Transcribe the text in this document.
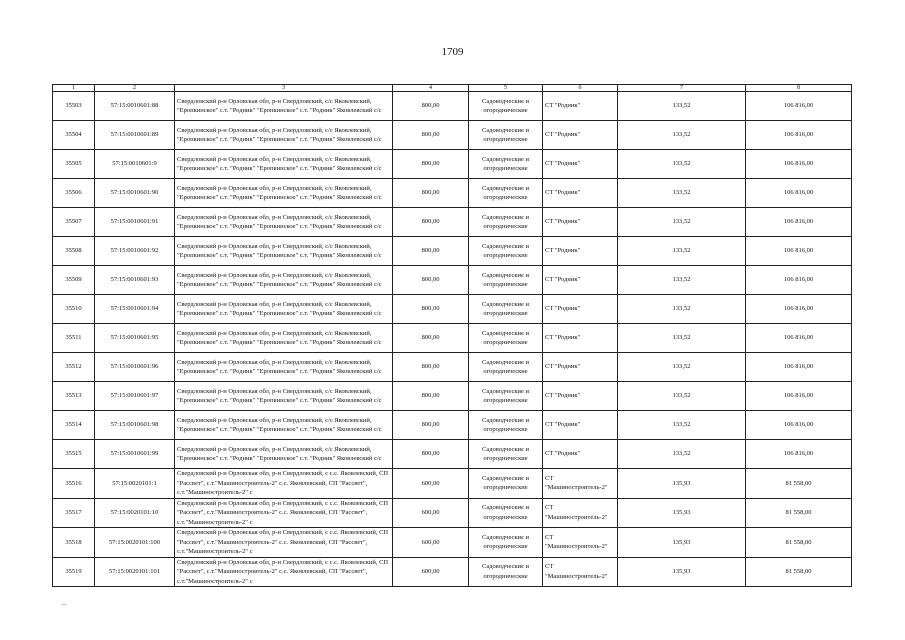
1709
1	2	3	4	5	6	7	8
35503	57:15:0010601:88	Свердловский р-н Орловская обл, р-н Свердловский, с/с Яковлевский, "Еропкинское" с.т. "Родник" "Еропкинское" с.т. "Родник" Яковлевский с/с	800,00	Садоводческие и огороднические	СТ "Родник"	133,52	106 816,00
35504	57:15:0010601:89	Свердловский р-н Орловская обл, р-н Свердловский, с/с Яковлевский, "Еропкинское" с.т. "Родник" "Еропкинское" с.т. "Родник" Яковлевский с/с	800,00	Садоводческие и огороднические	СТ "Родник"	133,52	106 816,00
35505	57:15:0010601:9	Свердловский р-н Орловская обл, р-н Свердловский, с/с Яковлевский, "Еропкинское" с.т. "Родник" "Еропкинское" с.т. "Родник" Яковлевский с/с	800,00	Садоводческие и огороднические	СТ "Родник"	133,52	106 816,00
35506	57:15:0010601:90	Свердловский р-н Орловская обл, р-н Свердловский, с/с Яковлевский, "Еропкинское" с.т. "Родник" "Еропкинское" с.т. "Родник" Яковлевский с/с	800,00	Садоводческие и огороднические	СТ "Родник"	133,52	106 816,00
35507	57:15:0010601:91	Свердловский р-н Орловская обл, р-н Свердловский, с/с Яковлевский, "Еропкинское" с.т. "Родник" "Еропкинское" с.т. "Родник" Яковлевский с/с	800,00	Садоводческие и огороднические	СТ "Родник"	133,52	106 816,00
35508	57:15:0010601:92	Свердловский р-н Орловская обл, р-н Свердловский, с/с Яковлевский, "Еропкинское" с.т. "Родник" "Еропкинское" с.т. "Родник" Яковлевский с/с	800,00	Садоводческие и огороднические	СТ "Родник"	133,52	106 816,00
35509	57:15:0010601:93	Свердловский р-н Орловская обл, р-н Свердловский, с/с Яковлевский, "Еропкинское" с.т. "Родник" "Еропкинское" с.т. "Родник" Яковлевский с/с	800,00	Садоводческие и огороднические	СТ "Родник"	133,52	106 816,00
35510	57:15:0010601:94	Свердловский р-н Орловская обл, р-н Свердловский, с/с Яковлевский, "Еропкинское" с.т. "Родник" "Еропкинское" с.т. "Родник" Яковлевский с/с	800,00	Садоводческие и огороднические	СТ "Родник"	133,52	106 816,00
35511	57:15:0010601:95	Свердловский р-н Орловская обл, р-н Свердловский, с/с Яковлевский, "Еропкинское" с.т. "Родник" "Еропкинское" с.т. "Родник" Яковлевский с/с	800,00	Садоводческие и огороднические	СТ "Родник"	133,52	106 816,00
35512	57:15:0010601:96	Свердловский р-н Орловская обл, р-н Свердловский, с/с Яковлевский, "Еропкинское" с.т. "Родник" "Еропкинское" с.т. "Родник" Яковлевский с/с	800,00	Садоводческие и огороднические	СТ "Родник"	133,52	106 816,00
35513	57:15:0010601:97	Свердловский р-н Орловская обл, р-н Свердловский, с/с Яковлевский, "Еропкинское" с.т. "Родник" "Еропкинское" с.т. "Родник" Яковлевский с/с	800,00	Садоводческие и огороднические	СТ "Родник"	133,52	106 816,00
35514	57:15:0010601:98	Свердловский р-н Орловская обл, р-н Свердловский, с/с Яковлевский, "Еропкинское" с.т. "Родник" "Еропкинское" с.т. "Родник" Яковлевский с/с	800,00	Садоводческие и огороднические	СТ "Родник"	133,52	106 816,00
35515	57:15:0010601:99	Свердловский р-н Орловская обл, р-н Свердловский, с/с Яковлевский, "Еропкинское" с.т. "Родник" "Еропкинское" с.т. "Родник" Яковлевский с/с	800,00	Садоводческие и огороднические	СТ "Родник"	133,52	106 816,00
35516	57:15:0020101:1	Свердловский р-н Орловская обл, р-н Свердловский, с с.с. Яковлевский, СП "Рассвет", с.т."Машиностроитель-2" с.с. Яковлевский, СП "Рассвет", с.т."Машиностроитель-2" с	600,00	Садоводческие и огороднические	СТ "Машиностроитель-2"	135,93	81 558,00
35517	57:15:0020101:10	Свердловский р-н Орловская обл, р-н Свердловский, с с.с. Яковлевский, СП "Рассвет", с.т."Машиностроитель-2" с.с. Яковлевский, СП "Рассвет", с.т."Машиностроитель-2" с	600,00	Садоводческие и огороднические	СТ "Машиностроитель-2"	135,93	81 558,00
35518	57:15:0020101:100	Свердловский р-н Орловская обл, р-н Свердловский, с с.с. Яковлевский, СП "Рассвет", с.т."Машиностроитель-2" с.с. Яковлевский, СП "Рассвет", с.т."Машиностроитель-2" с	600,00	Садоводческие и огороднические	СТ "Машиностроитель-2"	135,93	81 558,00
35519	57:15:0020101:101	Свердловский р-н Орловская обл, р-н Свердловский, с с.с. Яковлевский, СП "Рассвет", с.т."Машиностроитель-2" с.с. Яковлевский, СП "Рассвет", с.т."Машиностроитель-2" с	600,00	Садоводческие и огороднические	СТ "Машиностроитель-2"	135,93	81 558,00
